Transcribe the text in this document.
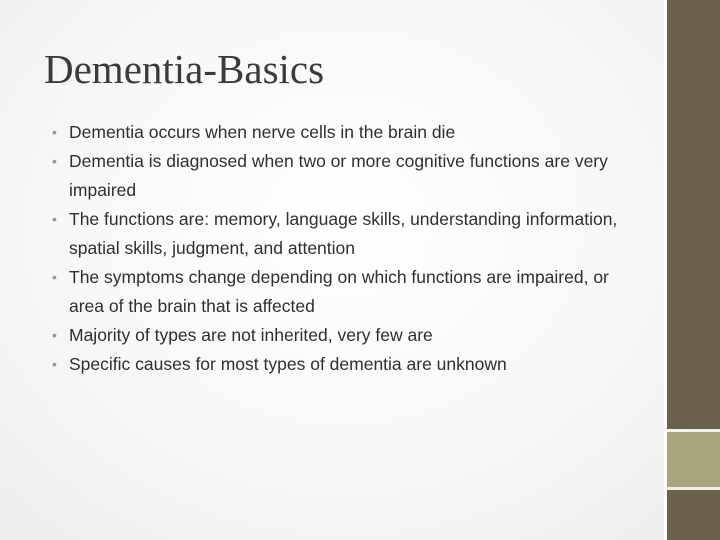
Dementia-Basics
• Dementia occurs when nerve cells in the brain die
• Dementia is diagnosed when two or more cognitive functions are very impaired
• The functions are: memory, language skills, understanding information, spatial skills, judgment, and attention
• The symptoms change depending on which functions are impaired, or area of the brain that is affected
• Majority of types are not inherited, very few are
• Specific causes for most types of dementia are unknown
